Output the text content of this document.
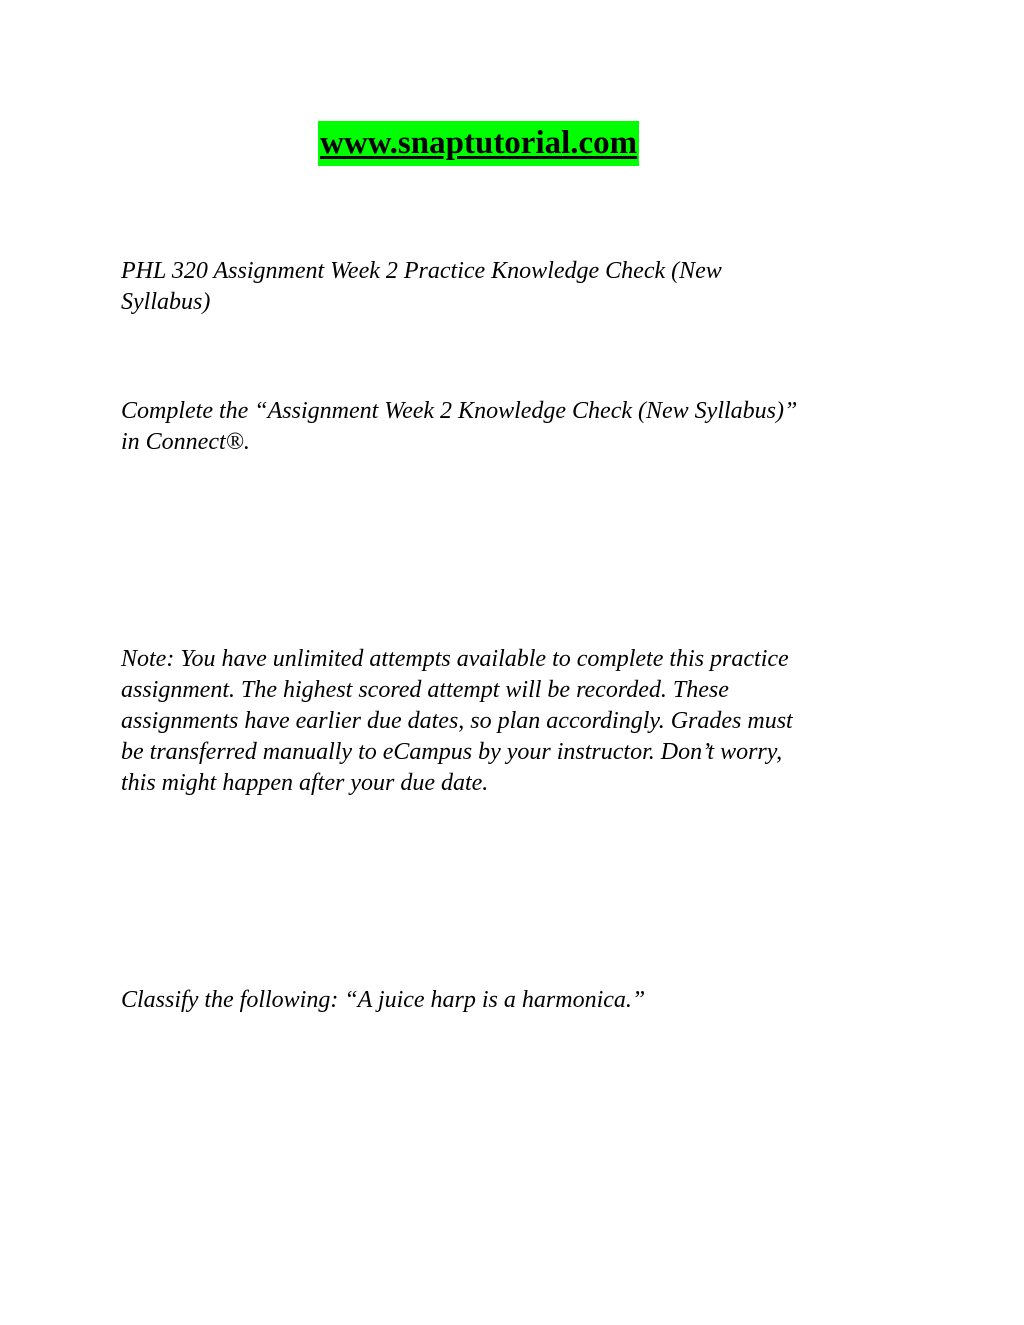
www.snaptutorial.com

PHL 320 Assignment Week 2 Practice Knowledge Check (New
Syllabus)

Complete the “Assignment Week 2 Knowledge Check (New Syllabus)”
in Connect®.

Note: You have unlimited attempts available to complete this practice
assignment. The highest scored attempt will be recorded. These
assignments have earlier due dates, so plan accordingly. Grades must
be transferred manually to eCampus by your instructor. Don’t worry,
this might happen after your due date.

Classify the following: “A juice harp is a harmonica.”
